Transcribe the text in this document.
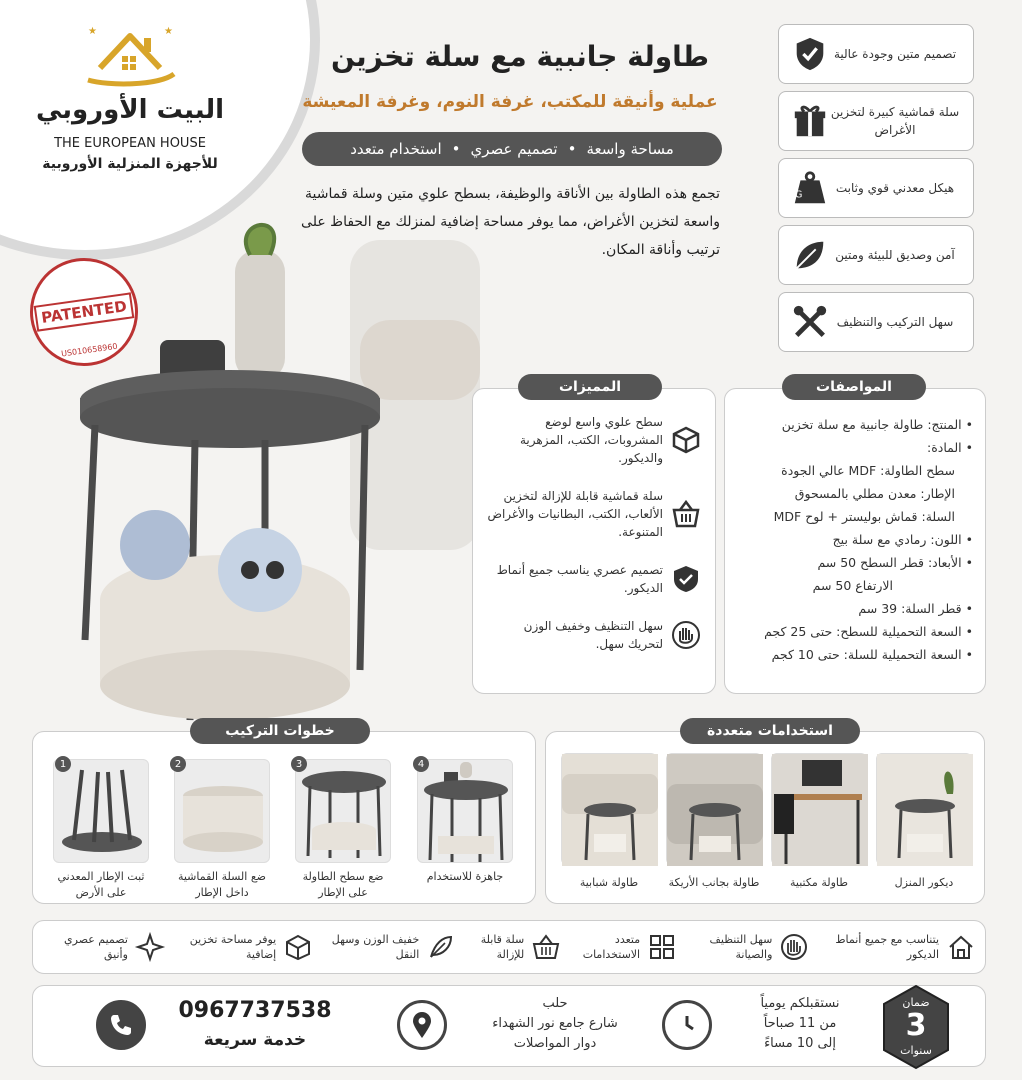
★	★
البيت الأوروبي
THE EUROPEAN HOUSE
للأجهزة المنزلية الأوروبية
PATENTED
US010658960
طاولة جانبية مع سلة تخزين
عملية وأنيقة للمكتب، غرفة النوم، وغرفة المعيشة
مساحة واسعة
•
تصميم عصري
•
استخدام متعدد
تجمع هذه الطاولة بين الأناقة والوظيفة، بسطح علوي متين وسلة قماشية واسعة لتخزين الأغراض، مما يوفر مساحة إضافية لمنزلك مع الحفاظ على ترتيب وأناقة المكان.
تصميم متين وجودة عالية
سلة قماشية كبيرة لتخزين الأغراض
هيكل معدني قوي وثابت
KG
آمن وصديق للبيئة ومتين
سهل التركيب والتنظيف
• المنتج: طاولة جانبية مع سلة تخزين
• المادة:
سطح الطاولة: MDF عالي الجودة
الإطار: معدن مطلي بالمسحوق
السلة: قماش بوليستر + لوح MDF
• اللون: رمادي مع سلة بيج
• الأبعاد: قطر السطح 50 سم
الارتفاع 50 سم
• قطر السلة: 39 سم
• السعة التحميلية للسطح: حتى 25 كجم
• السعة التحميلية للسلة: حتى 10 كجم
المواصفات
سطح علوي واسع لوضع المشروبات، الكتب، المزهرية والديكور.
سلة قماشية قابلة للإزالة لتخزين الألعاب، الكتب، البطانيات والأغراض المتنوعة.
تصميم عصري يناسب جميع أنماط الديكور.
سهل التنظيف وخفيف الوزن لتحريك سهل.
المميزات
خطوات التركيب
1
ثبت الإطار المعدني على الأرض
2
ضع السلة القماشية داخل الإطار
3
ضع سطح الطاولة على الإطار
4
جاهزة للاستخدام
استخدامات متعددة
ديكور المنزل
طاولة مكتبية
طاولة بجانب الأريكة
طاولة شبابية
يتناسب مع جميع أنماط الديكور
سهل التنظيف والصيانة
متعدد الاستخدامات
سلة قابلة للإزالة
خفيف الوزن وسهل النقل
يوفر مساحة تخزين إضافية
تصميم عصري وأنيق
ضمان
3
سنوات
نستقبلكم يومياً
من 11 صباحاً
إلى 10 مساءً
حلب
شارع جامع نور الشهداء
دوار المواصلات
0967737538
خدمة سريعة
